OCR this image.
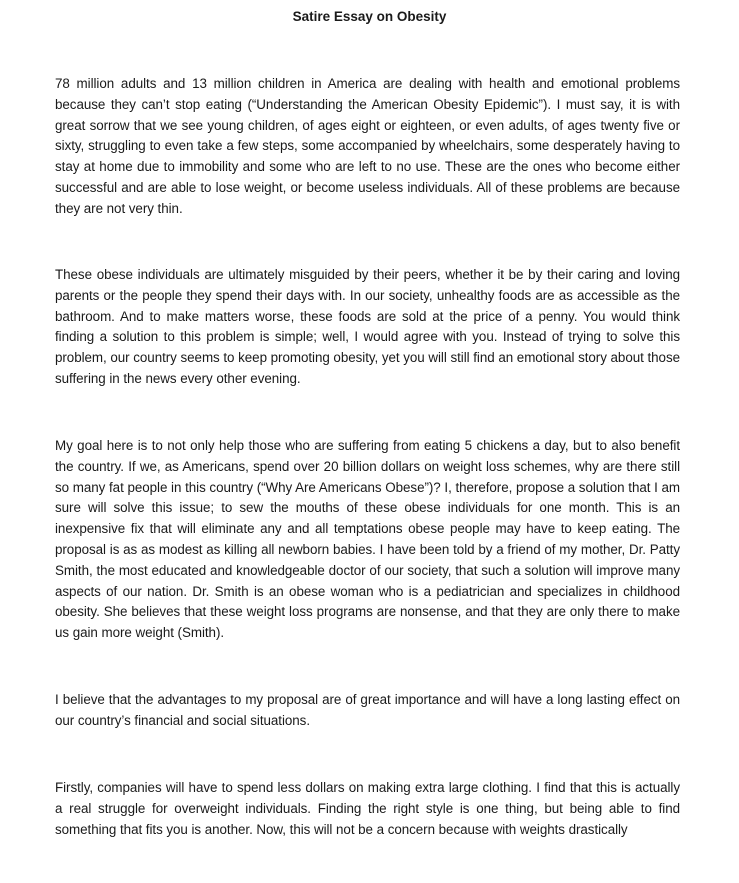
Satire Essay on Obesity

78 million adults and 13 million children in America are dealing with health and emotional problems because they can’t stop eating (“Understanding the American Obesity Epidemic”). I must say, it is with great sorrow that we see young children, of ages eight or eighteen, or even adults, of ages twenty five or sixty, struggling to even take a few steps, some accompanied by wheelchairs, some desperately having to stay at home due to immobility and some who are left to no use. These are the ones who become either successful and are able to lose weight, or become useless individuals. All of these problems are because they are not very thin.

These obese individuals are ultimately misguided by their peers, whether it be by their caring and loving parents or the people they spend their days with. In our society, unhealthy foods are as accessible as the bathroom. And to make matters worse, these foods are sold at the price of a penny. You would think finding a solution to this problem is simple; well, I would agree with you. Instead of trying to solve this problem, our country seems to keep promoting obesity, yet you will still find an emotional story about those suffering in the news every other evening.

My goal here is to not only help those who are suffering from eating 5 chickens a day, but to also benefit the country. If we, as Americans, spend over 20 billion dollars on weight loss schemes, why are there still so many fat people in this country (“Why Are Americans Obese”)? I, therefore, propose a solution that I am sure will solve this issue; to sew the mouths of these obese individuals for one month. This is an inexpensive fix that will eliminate any and all temptations obese people may have to keep eating. The proposal is as as modest as killing all newborn babies. I have been told by a friend of my mother, Dr. Patty Smith, the most educated and knowledgeable doctor of our society, that such a solution will improve many aspects of our nation. Dr. Smith is an obese woman who is a pediatrician and specializes in childhood obesity. She believes that these weight loss programs are nonsense, and that they are only there to make us gain more weight (Smith).

I believe that the advantages to my proposal are of great importance and will have a long lasting effect on our country’s financial and social situations.

Firstly, companies will have to spend less dollars on making extra large clothing. I find that this is actually a real struggle for overweight individuals. Finding the right style is one thing, but being able to find something that fits you is another. Now, this will not be a concern because with weights drastically
